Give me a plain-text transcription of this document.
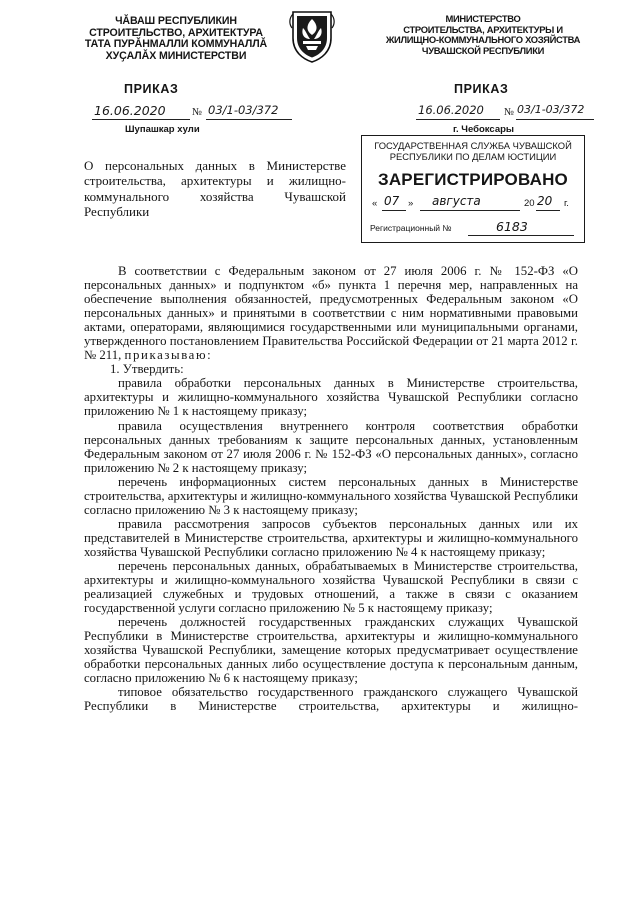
ЧӐВАШ РЕСПУБЛИКИН
СТРОИТЕЛЬСТВО, АРХИТЕКТУРА
ТАТА ПУРĂНМАЛЛИ КОММУНАЛЛĂ
ХУҪАЛĂХ МИНИСТЕРСТВИ
МИНИСТЕРСТВО
СТРОИТЕЛЬСТВА, АРХИТЕКТУРЫ И
ЖИЛИЩНО-КОММУНАЛЬНОГО ХОЗЯЙСТВА
ЧУВАШСКОЙ РЕСПУБЛИКИ
ПРИКАЗ	ПРИКАЗ
16.06.2020	№ 03/1-03/372
Шупашкар хули
16.06.2020 № 03/1-03/372
г. Чебоксары
ГОСУДАРСТВЕННАЯ СЛУЖБА ЧУВАШСКОЙ
РЕСПУБЛИКИ ПО ДЕЛАМ ЮСТИЦИИ
ЗАРЕГИСТРИРОВАНО
« 07 » августа	20 20 г.
Регистрационный №	6183
О персональных данных в Министерстве
строительства, архитектуры и жилищно-
коммунального хозяйства Чувашской
Республики

В соответствии с Федеральным законом от 27 июля 2006 г. № 152-ФЗ «О персональных данных» и подпунктом «б» пункта 1 перечня мер, направленных на обеспечение выполнения обязанностей, предусмотренных Федеральным законом «О персональных данных» и принятыми в соответствии с ним нормативными правовыми актами, операторами, являющимися государственными или муниципальными органами, утвержденного постановлением Правительства Российской Федерации от 21 марта 2012 г. № 211, приказываю:

1. Утвердить:

правила обработки персональных данных в Министерстве строительства, архитектуры и жилищно-коммунального хозяйства Чувашской Республики согласно приложению № 1 к настоящему приказу;

правила осуществления внутреннего контроля соответствия обработки персональных данных требованиям к защите персональных данных, установленным Федеральным законом от 27 июля 2006 г. № 152-ФЗ «О персональных данных», согласно приложению № 2 к настоящему приказу;

перечень информационных систем персональных данных в Министерстве строительства, архитектуры и жилищно-коммунального хозяйства Чувашской Республики согласно приложению № 3 к настоящему приказу;

правила рассмотрения запросов субъектов персональных данных или их представителей в Министерстве строительства, архитектуры и жилищно-коммунального хозяйства Чувашской Республики согласно приложению № 4 к настоящему приказу;

перечень персональных данных, обрабатываемых в Министерстве строительства, архитектуры и жилищно-коммунального хозяйства Чувашской Республики в связи с реализацией служебных и трудовых отношений, а также в связи с оказанием государственной услуги согласно приложению № 5 к настоящему приказу;

перечень должностей государственных гражданских служащих Чувашской Республики в Министерстве строительства, архитектуры и жилищно-коммунального хозяйства Чувашской Республики, замещение которых предусматривает осуществление обработки персональных данных либо осуществление доступа к персональным данным, согласно приложению № 6 к настоящему приказу;

типовое обязательство государственного гражданского служащего Чувашской Республики в Министерстве строительства, архитектуры и жилищно-
